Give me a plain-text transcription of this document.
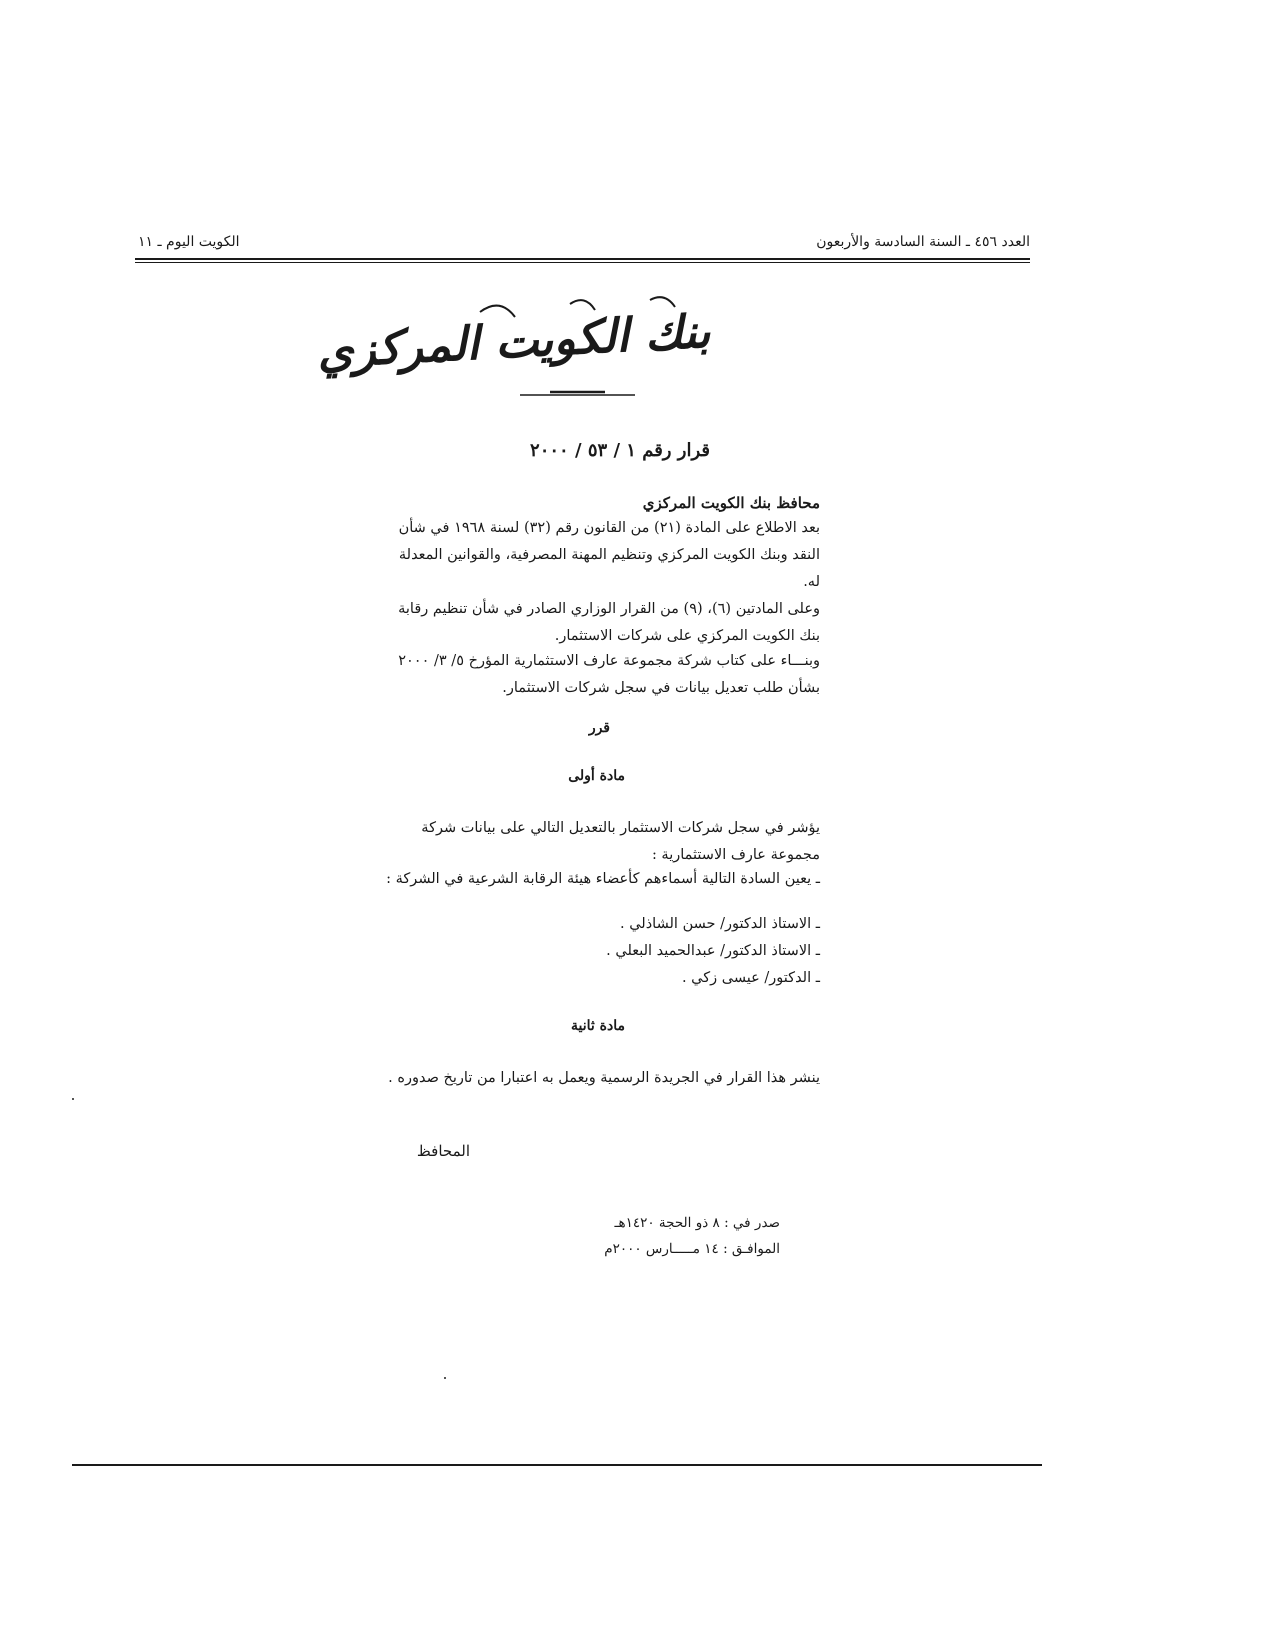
العدد ٤٥٦ ـ السنة السادسة والأربعون
الكويت اليوم ـ ١١
بنك الكويت المركزي
قرار رقم ١ / ٥٣ / ٢٠٠٠
محافظ بنك الكويت المركزي
بعد الاطلاع على المادة (٢١) من القانون رقم (٣٢) لسنة ١٩٦٨ في شأن النقد وبنك الكويت المركزي وتنظيم المهنة المصرفية، والقوانين المعدلة له.
وعلى المادتين (٦)، (٩) من القرار الوزاري الصادر في شأن تنظيم رقابة بنك الكويت المركزي على شركات الاستثمار.
وبنـــاء على كتاب شركة مجموعة عارف الاستثمارية المؤرخ ٥/ ٣/ ٢٠٠٠ بشأن طلب تعديل بيانات في سجل شركات الاستثمار.
قرر
مادة أولى
يؤشر في سجل شركات الاستثمار بالتعديل التالي على بيانات شركة مجموعة عارف الاستثمارية :
ـ يعين السادة التالية أسماءهم كأعضاء هيئة الرقابة الشرعية في الشركة :
ـ الاستاذ الدكتور/ حسن الشاذلي .
ـ الاستاذ الدكتور/ عبدالحميد البعلي .
ـ الدكتور/ عيسى زكي .
مادة ثانية
ينشر هذا القرار في الجريدة الرسمية ويعمل به اعتبارا من تاريخ صدوره .
المحافظ
صدر في : ٨ ذو الحجة ١٤٢٠هـ
الموافـق : ١٤ مـــــارس ٢٠٠٠م
